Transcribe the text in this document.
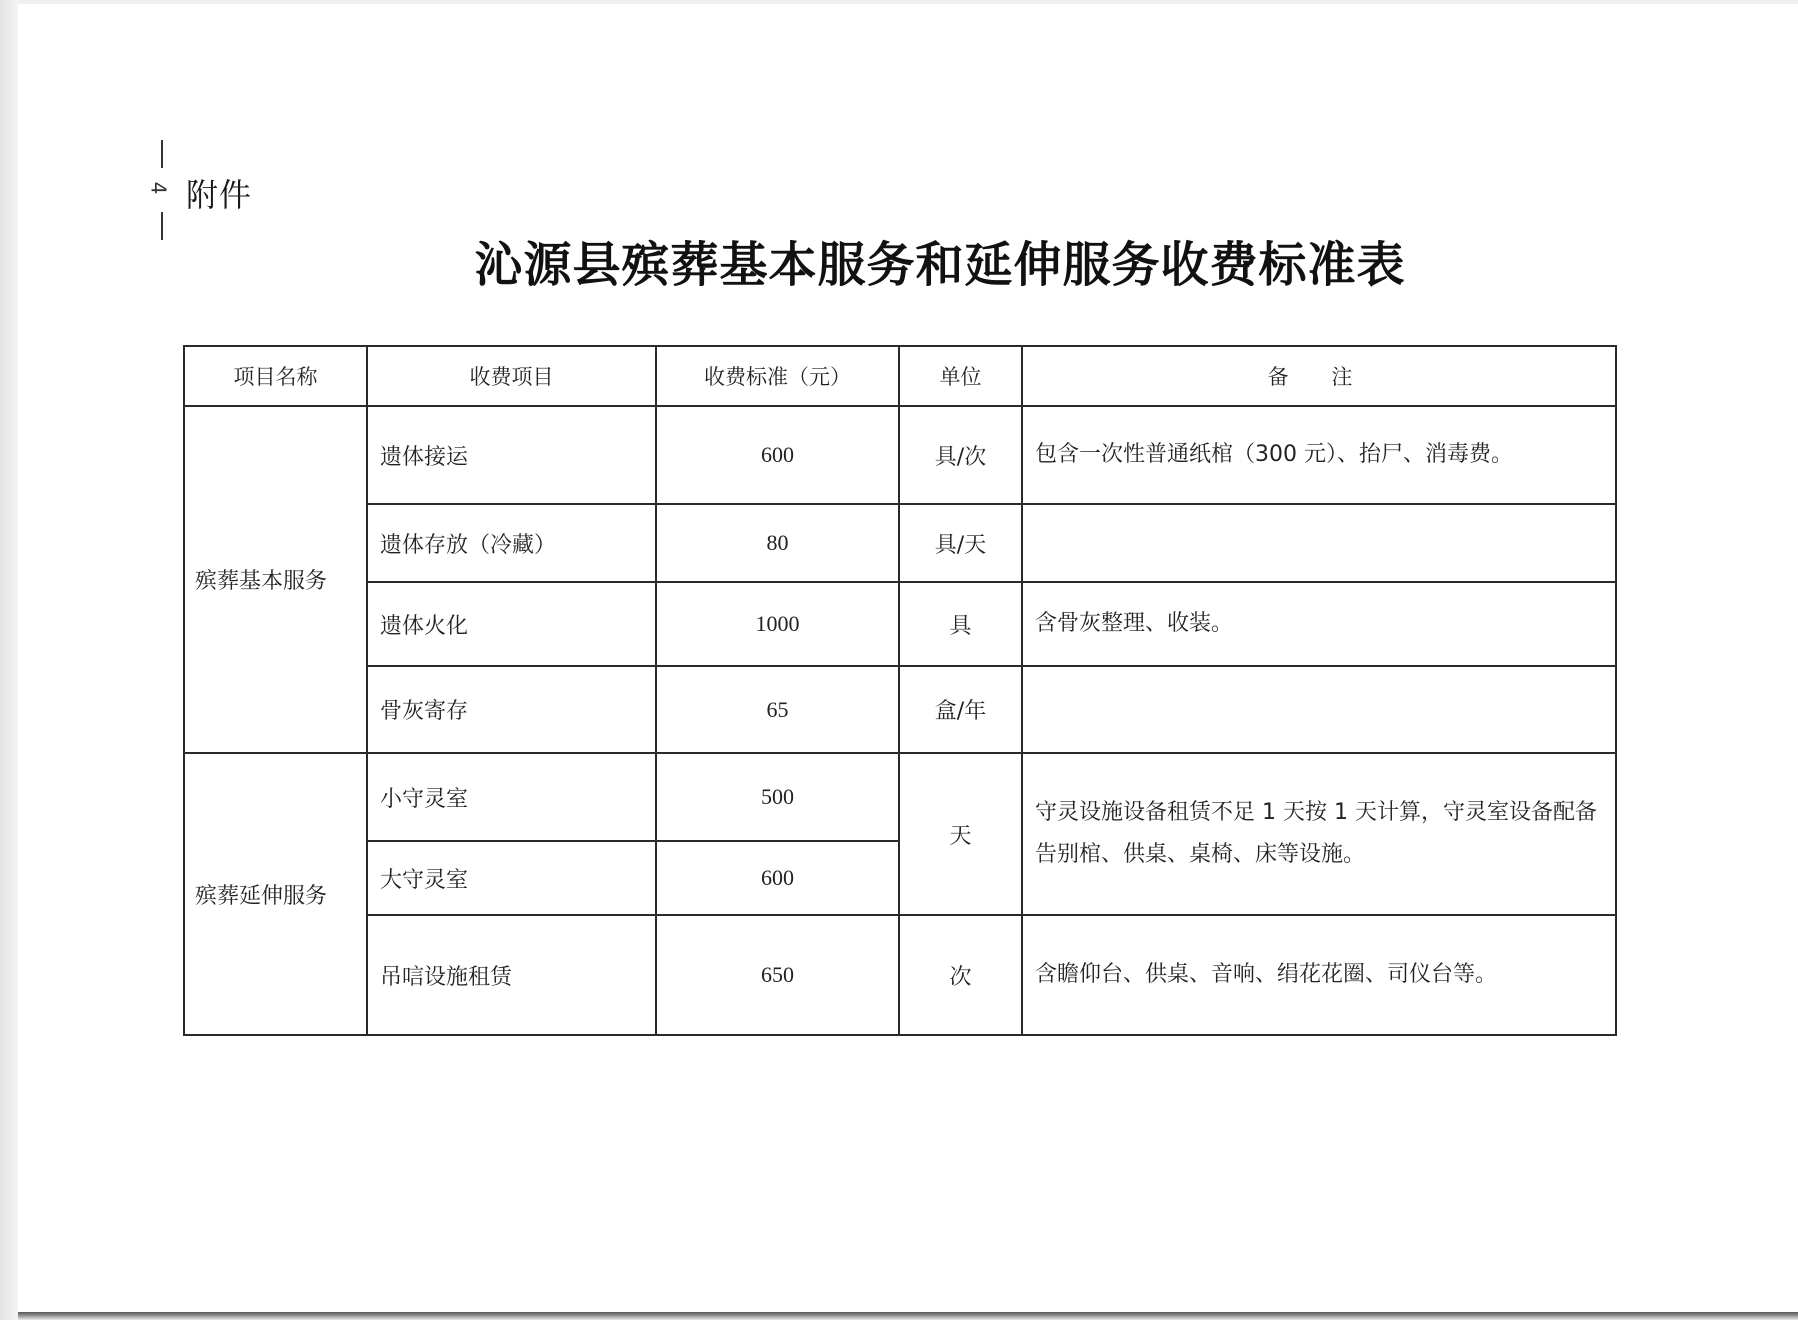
4 附件
沁源县殡葬基本服务和延伸服务收费标准表
项目名称	收费项目	收费标准（元）	单位	备 注
殡葬基本服务	遗体接运	600	具/次	包含一次性普通纸棺（300 元）、抬尸、消毒费。
	遗体存放（冷藏）	80	具/天	
	遗体火化	1000	具	含骨灰整理、收装。
	骨灰寄存	65	盒/年	
殡葬延伸服务	小守灵室	500	天	守灵设施设备租赁不足 1 天按 1 天计算，守灵室设备配备告别棺、供桌、桌椅、床等设施。
	大守灵室	600		
	吊唁设施租赁	650	次	含瞻仰台、供桌、音响、绢花花圈、司仪台等。
